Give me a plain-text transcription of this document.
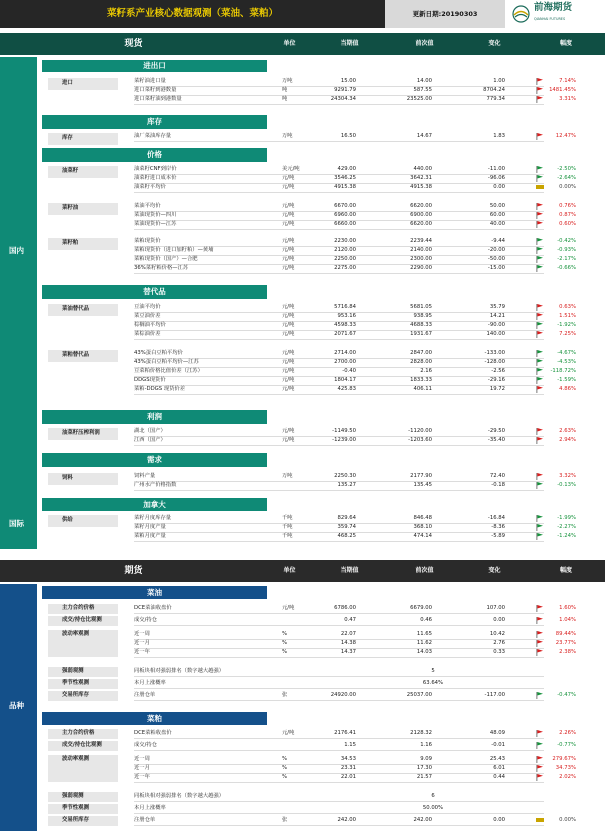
菜籽系产业核心数据观测（菜油、菜粕）	更新日期:20190303
前海期货
QIANHAI FUTURES
现货	单位	当期值	前次值	变化	幅度
国内
国际
进出口
库存
价格
替代品
利润
需求
加拿大
进口
库存
油菜籽
菜籽油
菜籽粕
菜油替代品
菜粕替代品
油菜籽压榨利润
饲料
供给
菜籽油进口量	万吨	15.00	14.00	1.00	7.14%
进口菜籽到港数量	吨	9291.79	587.55	8704.24	1481.45%
进口菜籽油到港数量	吨	24304.34	23525.00	779.34	3.31%
油厂菜油库存量	万吨	16.50	14.67	1.83	12.47%
油菜籽CNF到岸价	美元/吨	429.00	440.00	-11.00	-2.50%
油菜籽进口成本价	元/吨	3546.25	3642.31	-96.06	-2.64%
油菜籽平均价	元/吨	4915.38	4915.38	0.00	0.00%
菜油平均价	元/吨	6670.00	6620.00	50.00	0.76%
菜油现货价—四川	元/吨	6960.00	6900.00	60.00	0.87%
菜油现货价—江苏	元/吨	6660.00	6620.00	40.00	0.60%
菜粕现货价	元/吨	2230.00	2239.44	-9.44	-0.42%
菜粕现货价（进口加籽粕）—黄埔	元/吨	2120.00	2140.00	-20.00	-0.93%
菜粕现货价（国产）—合肥	元/吨	2250.00	2300.00	-50.00	-2.17%
36%菜籽粕价格—江苏	元/吨	2275.00	2290.00	-15.00	-0.66%
豆油平均价	元/吨	5716.84	5681.05	35.79	0.63%
菜豆油价差	元/吨	953.16	938.95	14.21	1.51%
棕榈油平均价	元/吨	4598.33	4688.33	-90.00	-1.92%
菜棕油价差	元/吨	2071.67	1931.67	140.00	7.25%
43%蛋白豆粕平均价	元/吨	2714.00	2847.00	-133.00	-4.67%
43%蛋白豆粕平均价—江苏	元/吨	2700.00	2828.00	-128.00	-4.53%
豆菜粕价格比值价差（江苏）	元/吨	-0.40	2.16	-2.56	-118.72%
DDGS现货价	元/吨	1804.17	1833.33	-29.16	-1.59%
菜粕-DDGS 现货价差	元/吨	425.83	406.11	19.72	4.86%
湖北（国产）	元/吨	-1149.50	-1120.00	-29.50	2.63%
江西（国产）	元/吨	-1239.00	-1203.60	-35.40	2.94%
饲料产量	万吨	2250.30	2177.90	72.40	3.32%
广州水产价格指数	135.27	135.45	-0.18	-0.13%
菜籽月度库存量	千吨	829.64	846.48	-16.84	-1.99%
菜籽月度产量	千吨	359.74	368.10	-8.36	-2.27%
菜粕月度产量	千吨	468.25	474.14	-5.89	-1.24%
期货	单位	当期值	前次值	变化	幅度
品种
菜油
菜粕
主力合约价格
成交/持仓比观测
波动率观测
强弱观测
季节性观测
交易所库存
主力合约价格
成交/持仓比观测
波动率观测
强弱观测
季节性观测
交易所库存
DCE菜油收盘价	元/吨	6786.00	6679.00	107.00	1.60%
成交/持仓	0.47	0.46	0.00	1.04%
近一周	%	22.07	11.65	10.42	89.44%
近一月	%	14.38	11.62	2.76	23.77%
近一年	%	14.37	14.03	0.33	2.38%
同板块相对强弱排名（数字越大越强）	5
本月上涨概率	63.64%
注册仓单	张	24920.00	25037.00	-117.00	-0.47%
DCE菜粕收盘价	元/吨	2176.41	2128.32	48.09	2.26%
成交/持仓	1.15	1.16	-0.01	-0.77%
近一周	%	34.53	9.09	25.43	279.67%
近一月	%	23.31	17.30	6.01	34.73%
近一年	%	22.01	21.57	0.44	2.02%
同板块相对强弱排名（数字越大越强）	6
本月上涨概率	50.00%
注册仓单	张	242.00	242.00	0.00	0.00%
